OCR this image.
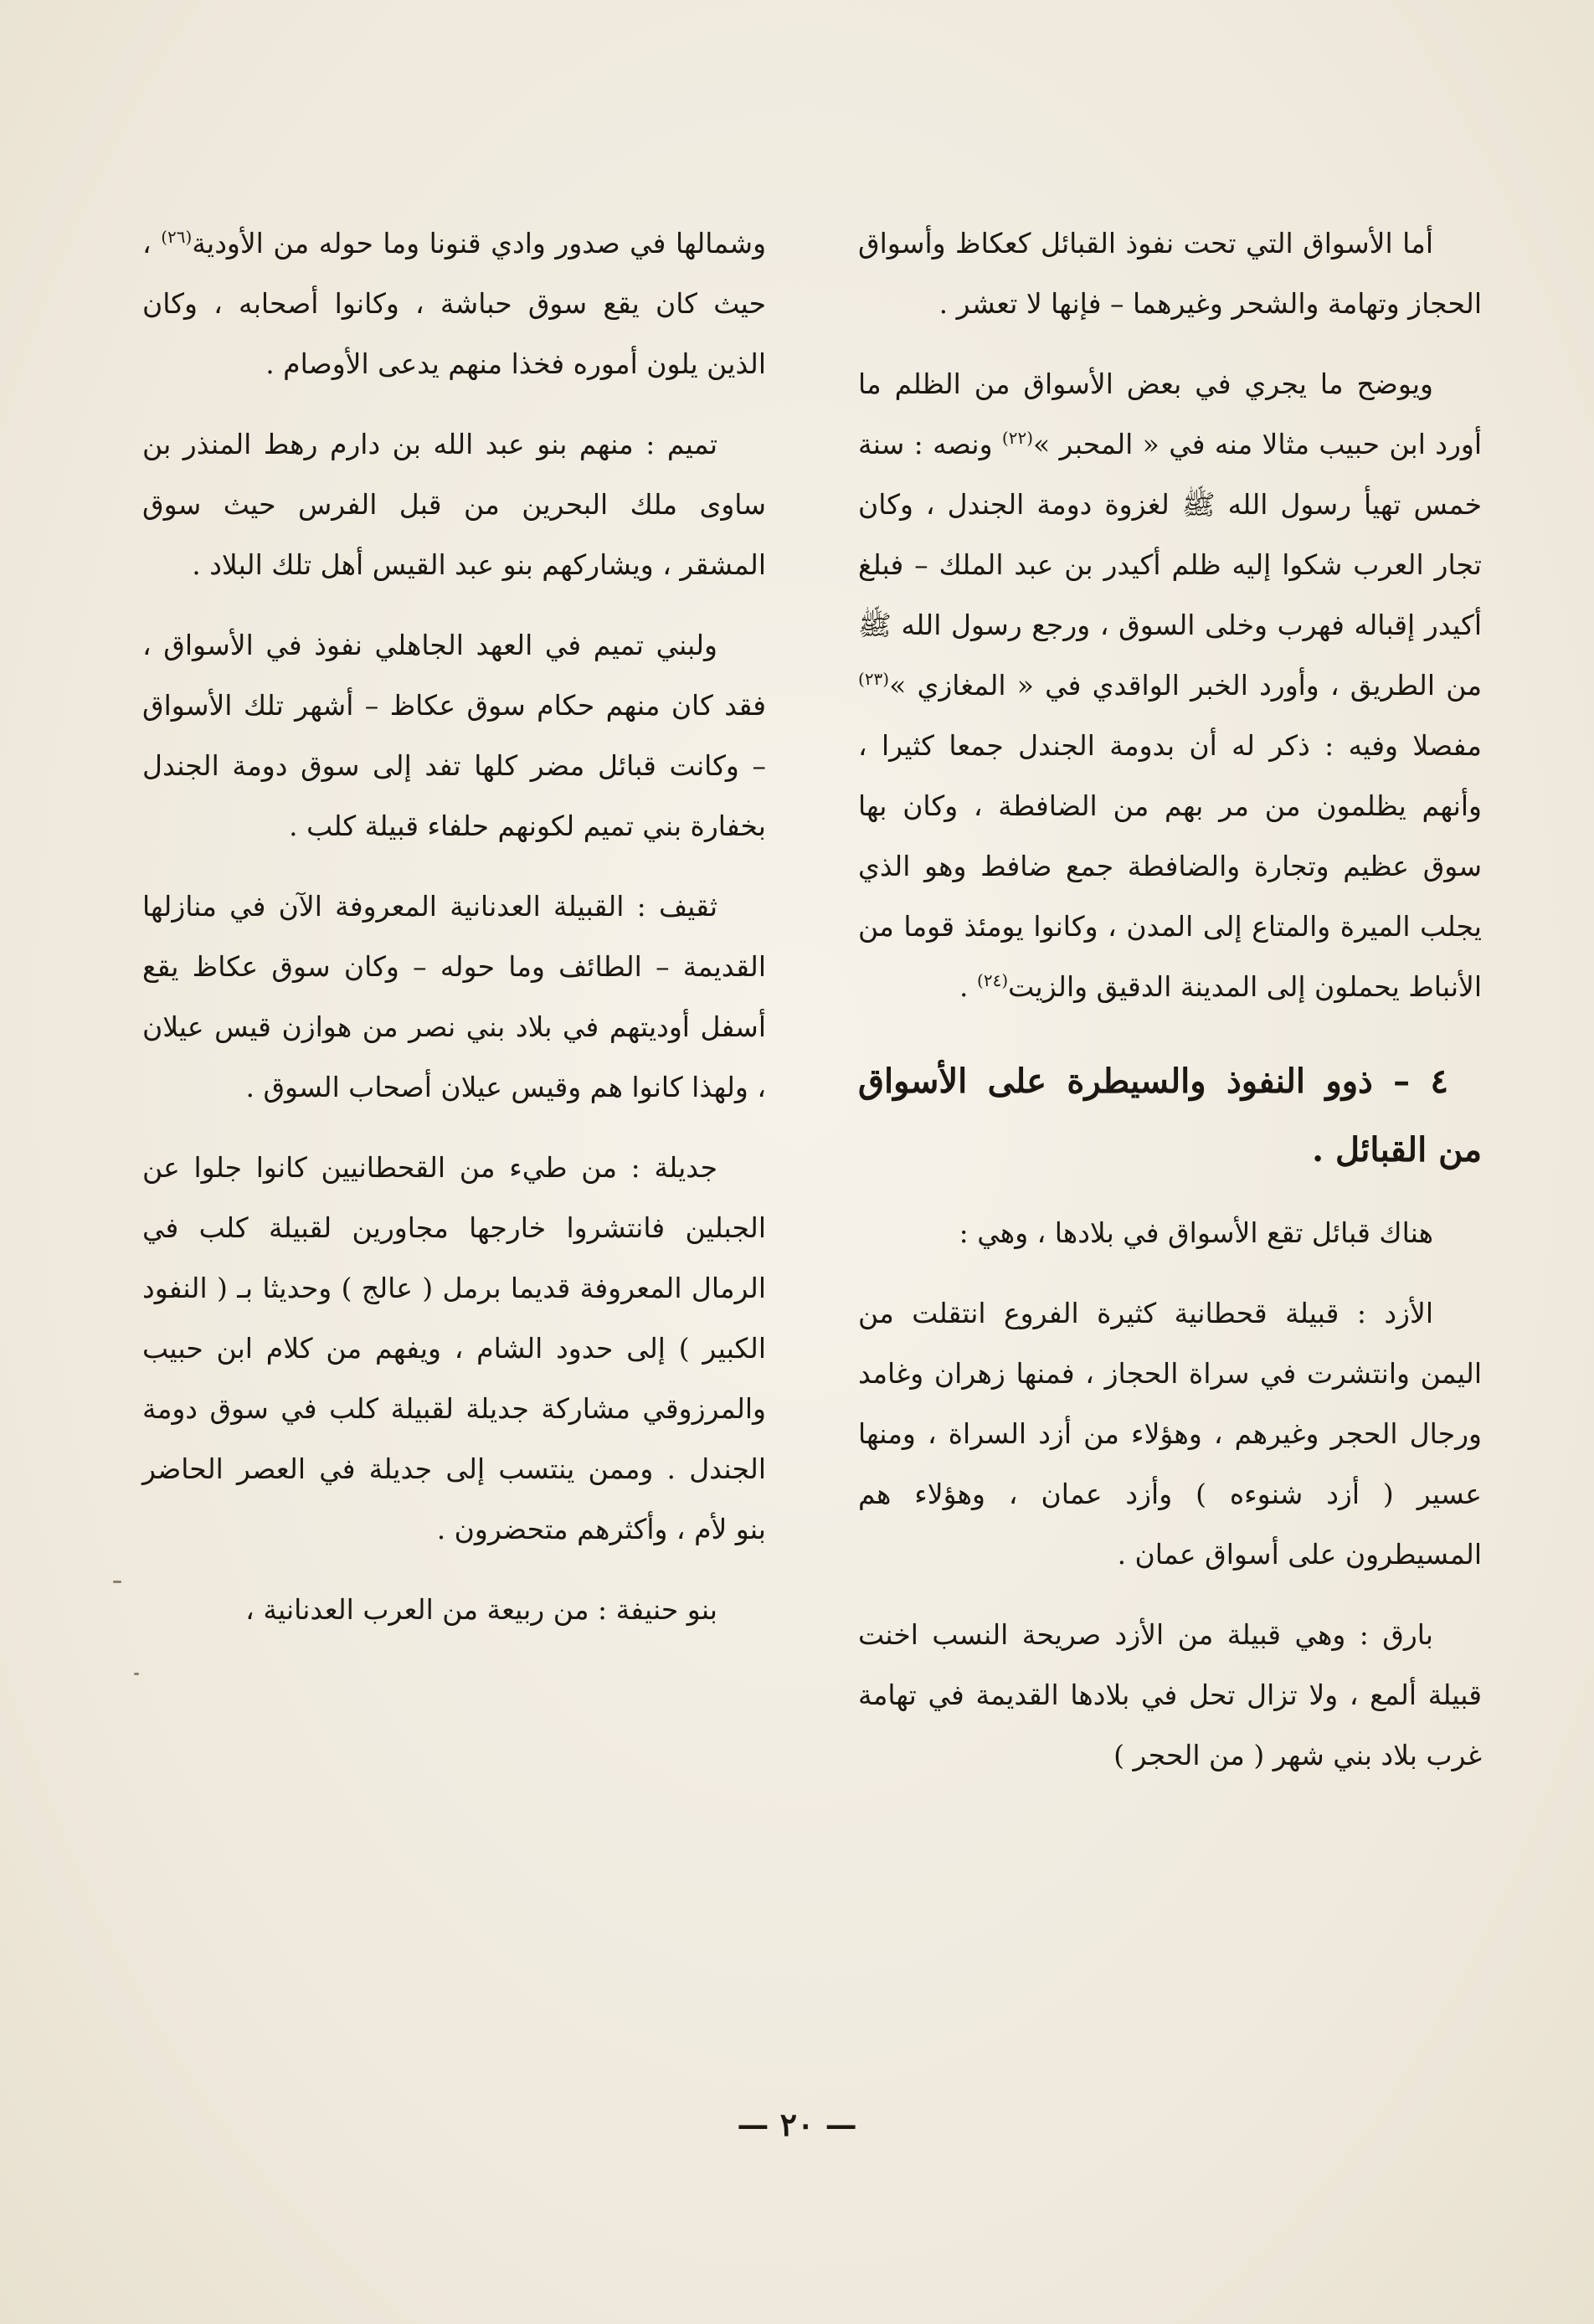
أما الأسواق التي تحت نفوذ القبائل كعكاظ وأسواق الحجاز وتهامة والشحر وغيرهما – فإنها لا تعشر .

ويوضح ما يجري في بعض الأسواق من الظلم ما أورد ابن حبيب مثالا منه في « المحبر »$^{(٢٢)}$ ونصه : سنة خمس تهيأ رسول الله ﷺ لغزوة دومة الجندل ، وكان تجار العرب شكوا إليه ظلم أكيدر بن عبد الملك – فبلغ أكيدر إقباله فهرب وخلى السوق ، ورجع رسول الله ﷺ من الطريق ، وأورد الخبر الواقدي في « المغازي »$^{(٢٣)}$ مفصلا وفيه : ذكر له أن بدومة الجندل جمعا كثيرا ، وأنهم يظلمون من مر بهم من الضافطة ، وكان بها سوق عظيم وتجارة والضافطة جمع ضافط وهو الذي يجلب الميرة والمتاع إلى المدن ، وكانوا يومئذ قوما من الأنباط يحملون إلى المدينة الدقيق والزيت$^{(٢٤)}$ .

٤ – ذوو النفوذ والسيطرة على الأسواق من القبائل .

هناك قبائل تقع الأسواق في بلادها ، وهي :

الأزد : قبيلة قحطانية كثيرة الفروع انتقلت من اليمن وانتشرت في سراة الحجاز ، فمنها زهران وغامد ورجال الحجر وغيرهم ، وهؤلاء من أزد السراة ، ومنها عسير ( أزد شنوءه ) وأزد عمان ، وهؤلاء هم المسيطرون على أسواق عمان .

بارق : وهي قبيلة من الأزد صريحة النسب اخنت قبيلة ألمع ، ولا تزال تحل في بلادها القديمة في تهامة غرب بلاد بني شهر ( من الحجر )

وشمالها في صدور وادي قنونا وما حوله من الأودية$^{(٢٦)}$ ، حيث كان يقع سوق حباشة ، وكانوا أصحابه ، وكان الذين يلون أموره فخذا منهم يدعى الأوصام .

تميم : منهم بنو عبد الله بن دارم رهط المنذر بن ساوى ملك البحرين من قبل الفرس حيث سوق المشقر ، ويشاركهم بنو عبد القيس أهل تلك البلاد .

ولبني تميم في العهد الجاهلي نفوذ في الأسواق ، فقد كان منهم حكام سوق عكاظ – أشهر تلك الأسواق – وكانت قبائل مضر كلها تفد إلى سوق دومة الجندل بخفارة بني تميم لكونهم حلفاء قبيلة كلب .

ثقيف : القبيلة العدنانية المعروفة الآن في منازلها القديمة – الطائف وما حوله – وكان سوق عكاظ يقع أسفل أوديتهم في بلاد بني نصر من هوازن قيس عيلان ، ولهذا كانوا هم وقيس عيلان أصحاب السوق .

جديلة : من طيء من القحطانيين كانوا جلوا عن الجبلين فانتشروا خارجها مجاورين لقبيلة كلب في الرمال المعروفة قديما برمل ( عالج ) وحديثا بـ ( النفود الكبير ) إلى حدود الشام ، ويفهم من كلام ابن حبيب والمرزوقي مشاركة جديلة لقبيلة كلب في سوق دومة الجندل . وممن ينتسب إلى جديلة في العصر الحاضر بنو لأم ، وأكثرهم متحضرون .

بنو حنيفة : من ربيعة من العرب العدنانية ،

— ٢٠ —
